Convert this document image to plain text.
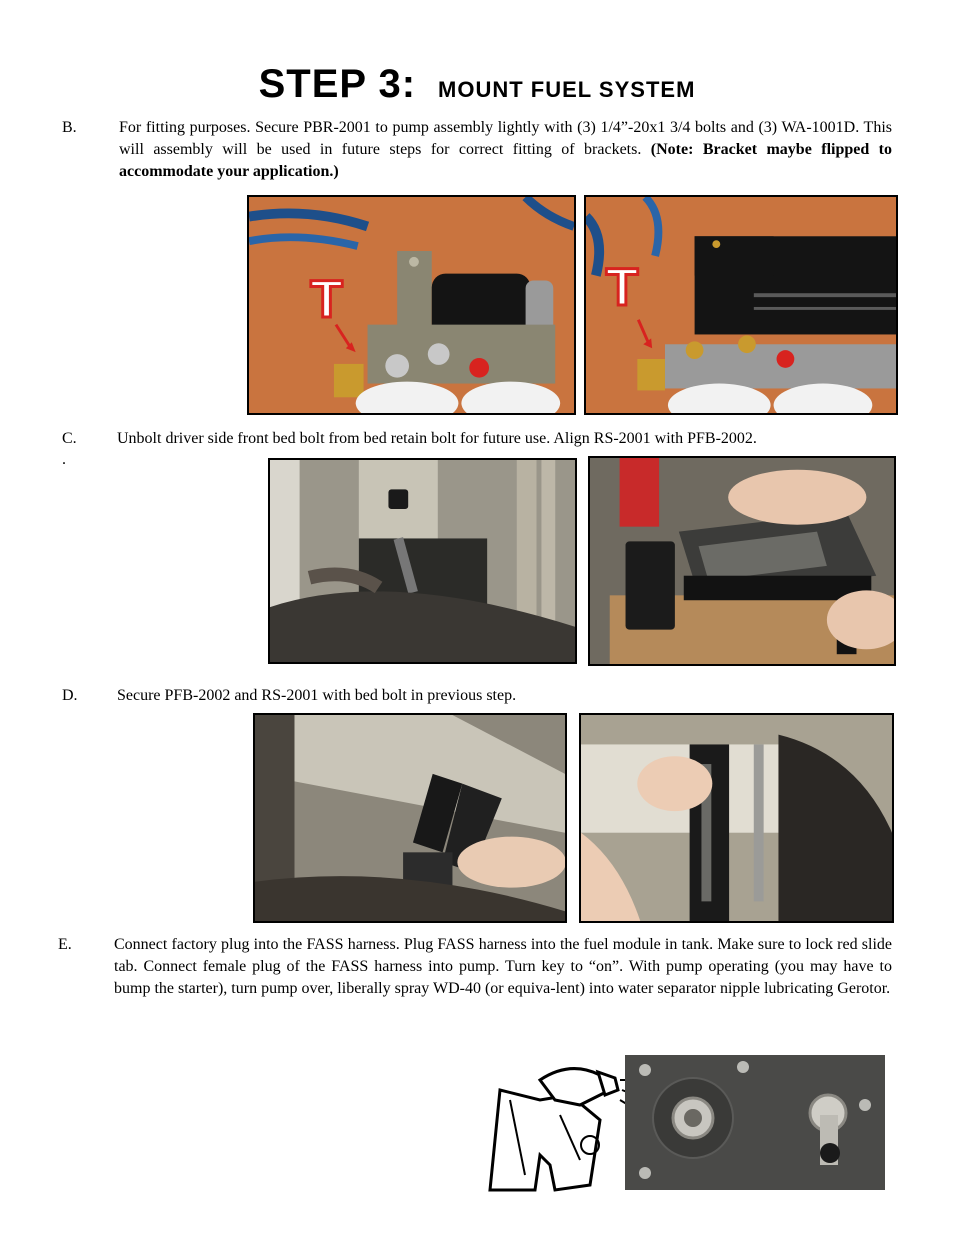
STEP 3: MOUNT FUEL SYSTEM
B.	For fitting purposes. Secure PBR-2001 to pump assembly lightly with (3) 1/4”-20x1 3/4 bolts and (3) WA-1001D. This will assembly will be used in future steps for correct fitting of brackets. (Note: Bracket maybe flipped to accommodate your application.)
T	T
C.	Unbolt driver side front bed bolt from bed retain bolt for future use. Align RS-2001 with PFB-2002.
.
D. Secure PFB-2002 and RS-2001 with bed bolt in previous step.
E.	Connect factory plug into the FASS harness. Plug FASS harness into the fuel module in tank. Make sure to lock red slide tab. Connect female plug of the FASS harness into pump. Turn key to “on”. With pump operating (you may have to bump the starter), turn pump over, liberally spray WD-40 (or equiva-lent) into water separator nipple lubricating Gerotor.
